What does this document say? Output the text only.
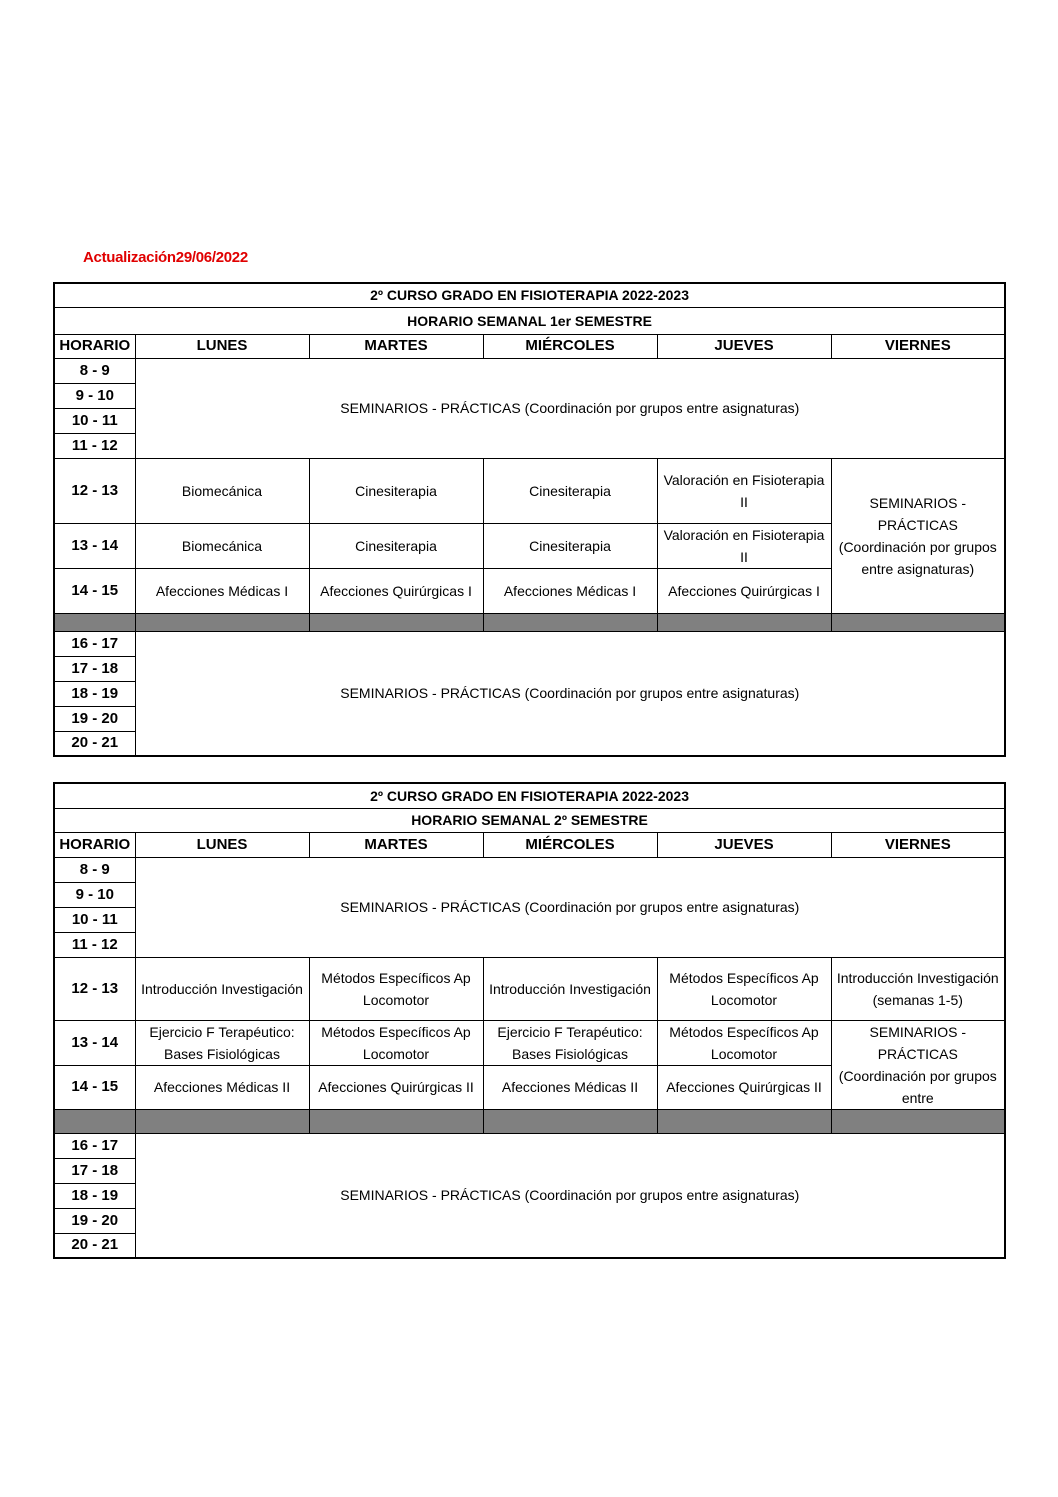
Actualización29/06/2022
2º CURSO GRADO EN FISIOTERAPIA 2022-2023					
HORARIO SEMANAL 1er SEMESTRE					
HORARIO	LUNES	MARTES	MIÉRCOLES	JUEVES	VIERNES
8 - 9	SEMINARIOS - PRÁCTICAS (Coordinación por grupos entre asignaturas)				
9 - 10					
10 - 11					
11 - 12					
12 - 13	Biomecánica	Cinesiterapia	Cinesiterapia	Valoración en Fisioterapia II	SEMINARIOS - PRÁCTICAS (Coordinación por grupos entre asignaturas)
13 - 14	Biomecánica	Cinesiterapia	Cinesiterapia	Valoración en Fisioterapia II	
14 - 15	Afecciones Médicas I	Afecciones Quirúrgicas I	Afecciones Médicas I	Afecciones Quirúrgicas I	

16 - 17	SEMINARIOS - PRÁCTICAS (Coordinación por grupos entre asignaturas)				
17 - 18					
18 - 19					
19 - 20					
20 - 21					
2º CURSO GRADO EN FISIOTERAPIA 2022-2023					
HORARIO SEMANAL 2º SEMESTRE					
HORARIO	LUNES	MARTES	MIÉRCOLES	JUEVES	VIERNES
8 - 9	SEMINARIOS - PRÁCTICAS (Coordinación por grupos entre asignaturas)				
9 - 10					
10 - 11					
11 - 12					
12 - 13	Introducción Investigación	Métodos Específicos Ap Locomotor	Introducción Investigación	Métodos Específicos Ap Locomotor	Introducción Investigación (semanas 1-5)
13 - 14	Ejercicio F Terapéutico: Bases Fisiológicas	Métodos Específicos Ap Locomotor	Ejercicio F Terapéutico: Bases Fisiológicas	Métodos Específicos Ap Locomotor	SEMINARIOS - PRÁCTICAS (Coordinación por grupos entre
14 - 15	Afecciones Médicas II	Afecciones Quirúrgicas II	Afecciones Médicas II	Afecciones Quirúrgicas II	

16 - 17	SEMINARIOS - PRÁCTICAS (Coordinación por grupos entre asignaturas)				
17 - 18					
18 - 19					
19 - 20					
20 - 21					
